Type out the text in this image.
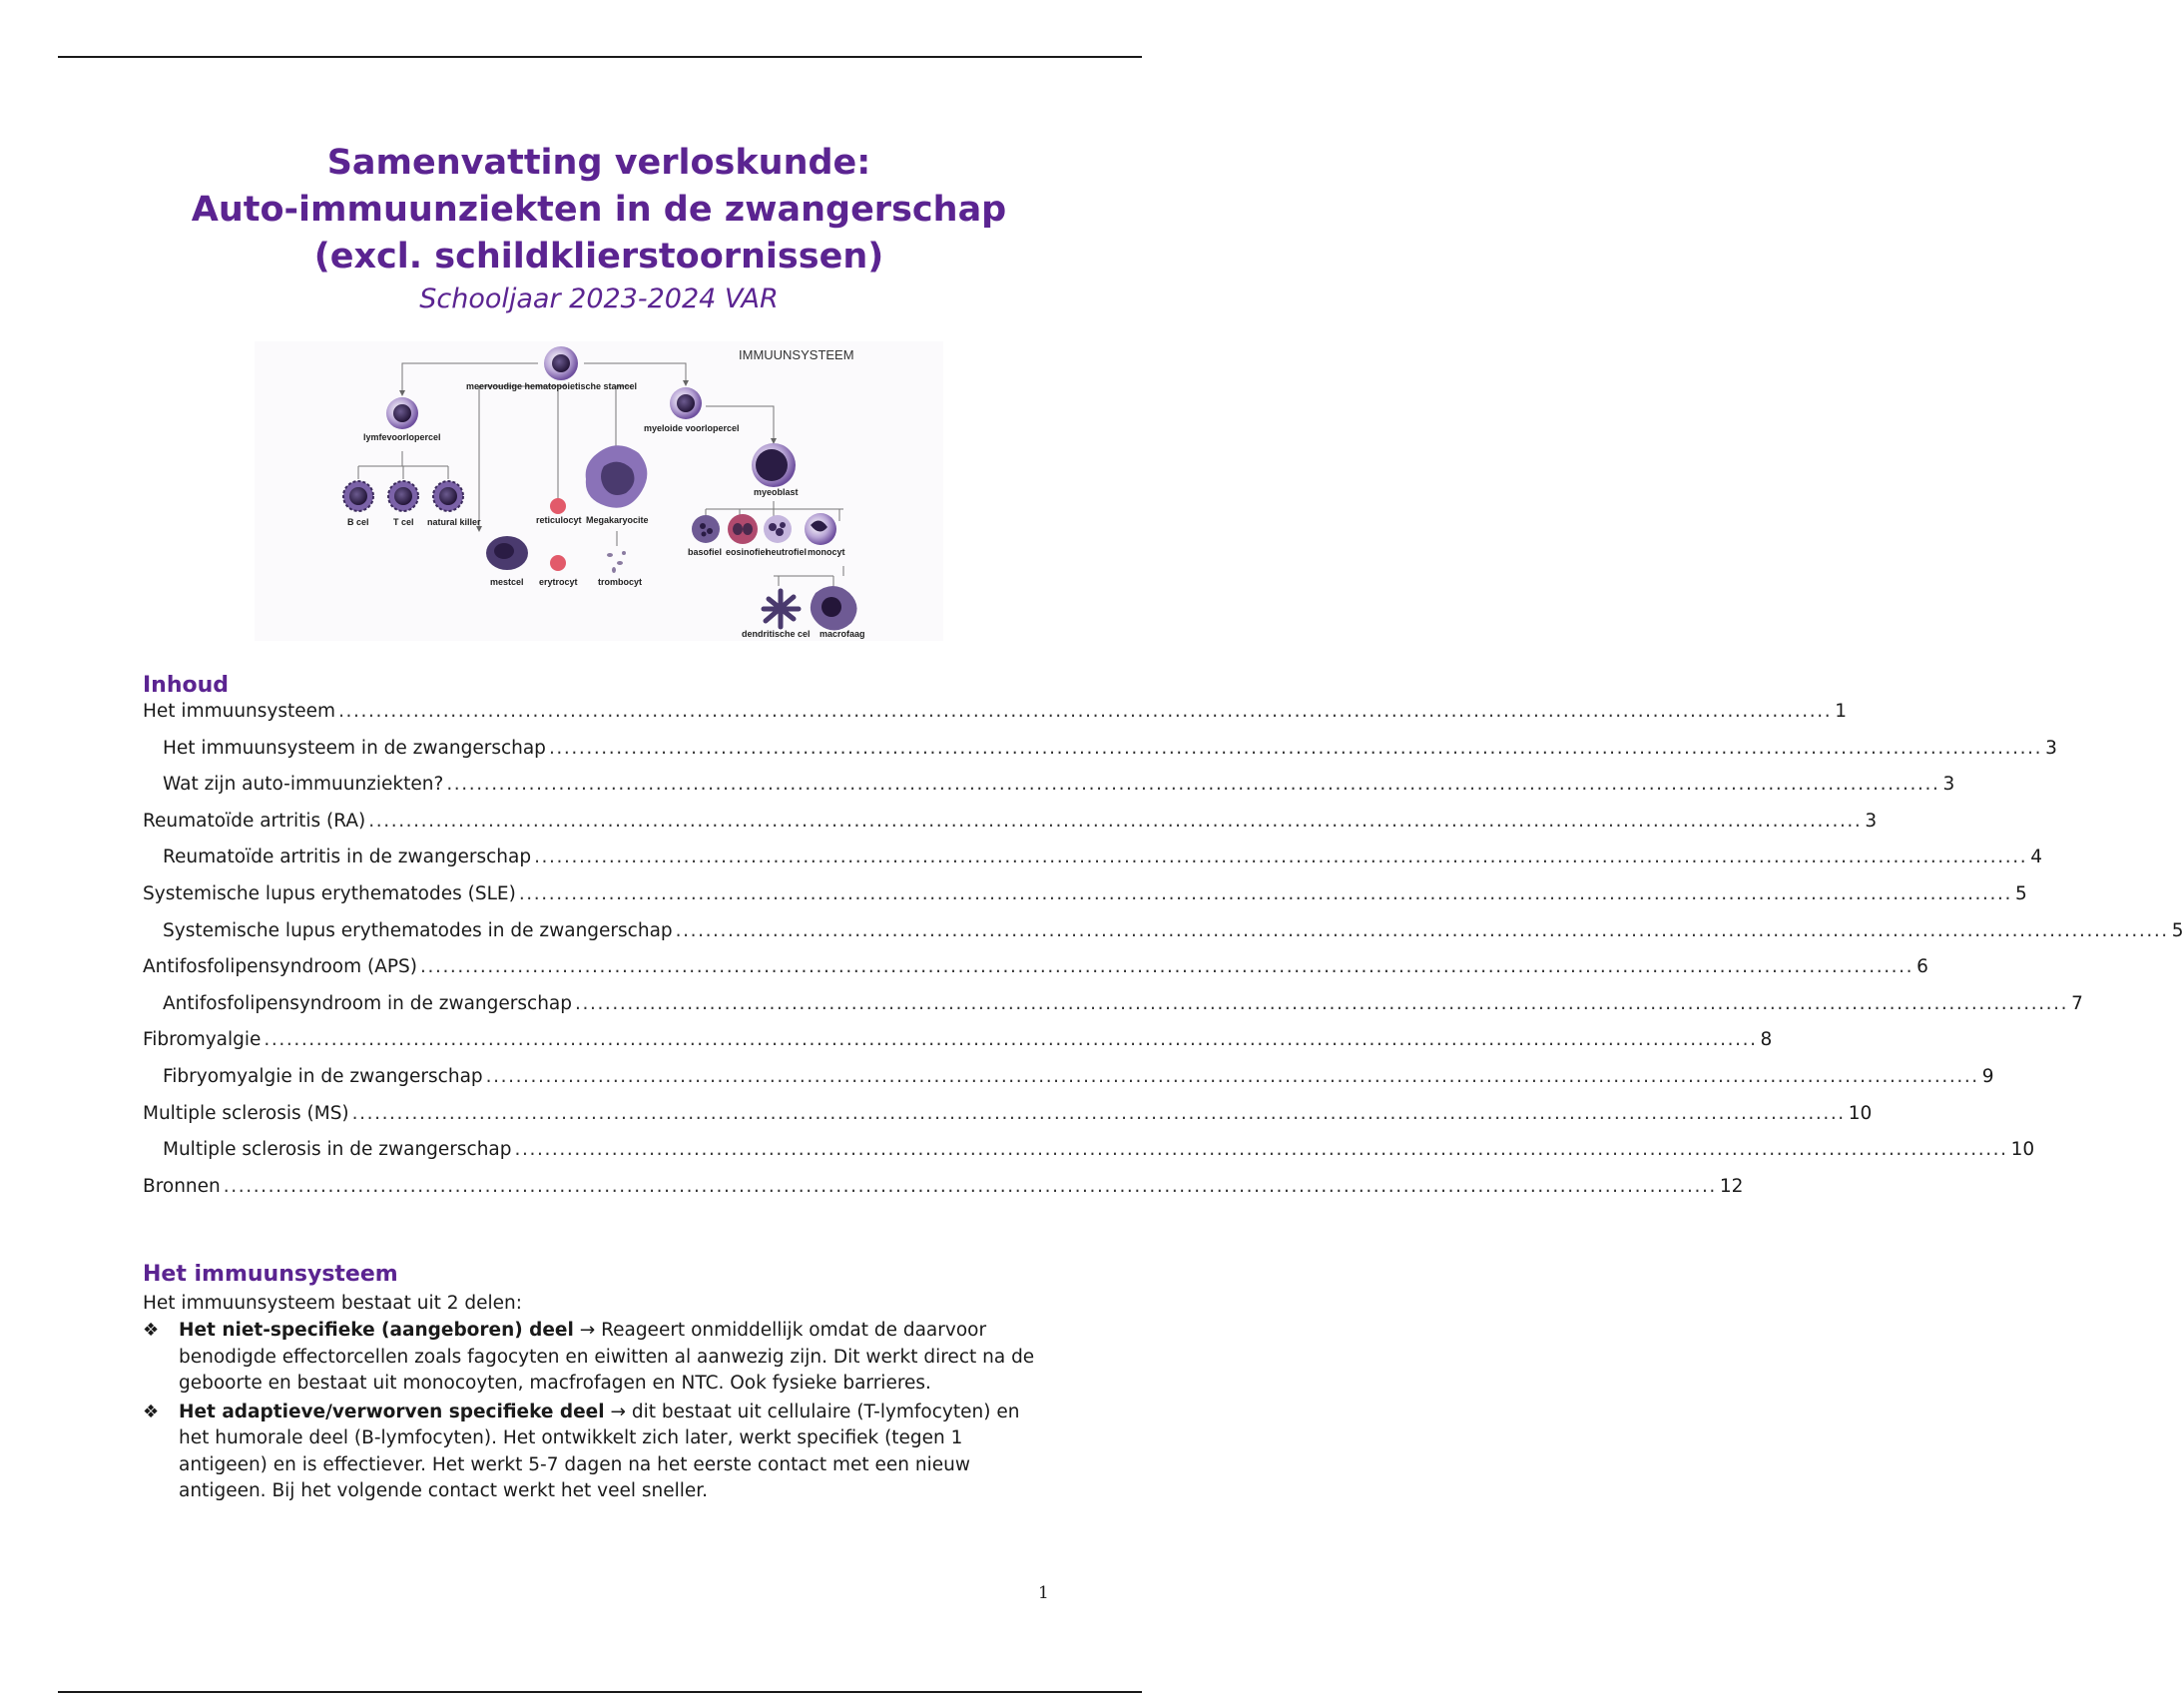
Samenvatting verloskunde:
Auto-immuunziekten in de zwangerschap
(excl. schildklierstoornissen)
Schooljaar 2023-2024 VAR
IMMUUNSYSTEEM
meervoudige hematopoietische stamcel
lymfevoorlopercel
myeloide voorlopercel
B cel	T cel natural killer
mestcel
reticulocyt
erytrocyt
Megakaryocite
trombocyt
myeoblast
basofiel eosinofiel
neutrofiel monocyt
dendritische cel macrofaag
Inhoud
Het immuunsysteem ........................................................................................................................................................................................................ 1
Het immuunsysteem in de zwangerschap ........................................................................................................................................................................................................ 3
Wat zijn auto-immuunziekten? ........................................................................................................................................................................................................ 3
Reumatoïde artritis (RA) ........................................................................................................................................................................................................ 3
Reumatoïde artritis in de zwangerschap ........................................................................................................................................................................................................ 4
Systemische lupus erythematodes (SLE) ........................................................................................................................................................................................................ 5
Systemische lupus erythematodes in de zwangerschap ........................................................................................................................................................................................................ 5
Antifosfolipensyndroom (APS) ........................................................................................................................................................................................................ 6
Antifosfolipensyndroom in de zwangerschap ........................................................................................................................................................................................................ 7
Fibromyalgie ........................................................................................................................................................................................................ 8
Fibryomyalgie in de zwangerschap ........................................................................................................................................................................................................ 9
Multiple sclerosis (MS) ........................................................................................................................................................................................................ 10
Multiple sclerosis in de zwangerschap ........................................................................................................................................................................................................ 10
Bronnen ........................................................................................................................................................................................................ 12
Het immuunsysteem
Het immuunsysteem bestaat uit 2 delen:
❖	Het niet-specifieke (aangeboren) deel → Reageert onmiddellijk omdat de daarvoor benodigde effectorcellen zoals fagocyten en eiwitten al aanwezig zijn. Dit werkt direct na de geboorte en bestaat uit monocoyten, macfrofagen en NTC. Ook fysieke barrieres.
❖	Het adaptieve/verworven specifieke deel → dit bestaat uit cellulaire (T-lymfocyten) en het humorale deel (B-lymfocyten). Het ontwikkelt zich later, werkt specifiek (tegen 1 antigeen) en is effectiever. Het werkt 5-7 dagen na het eerste contact met een nieuw antigeen. Bij het volgende contact werkt het veel sneller.
1
